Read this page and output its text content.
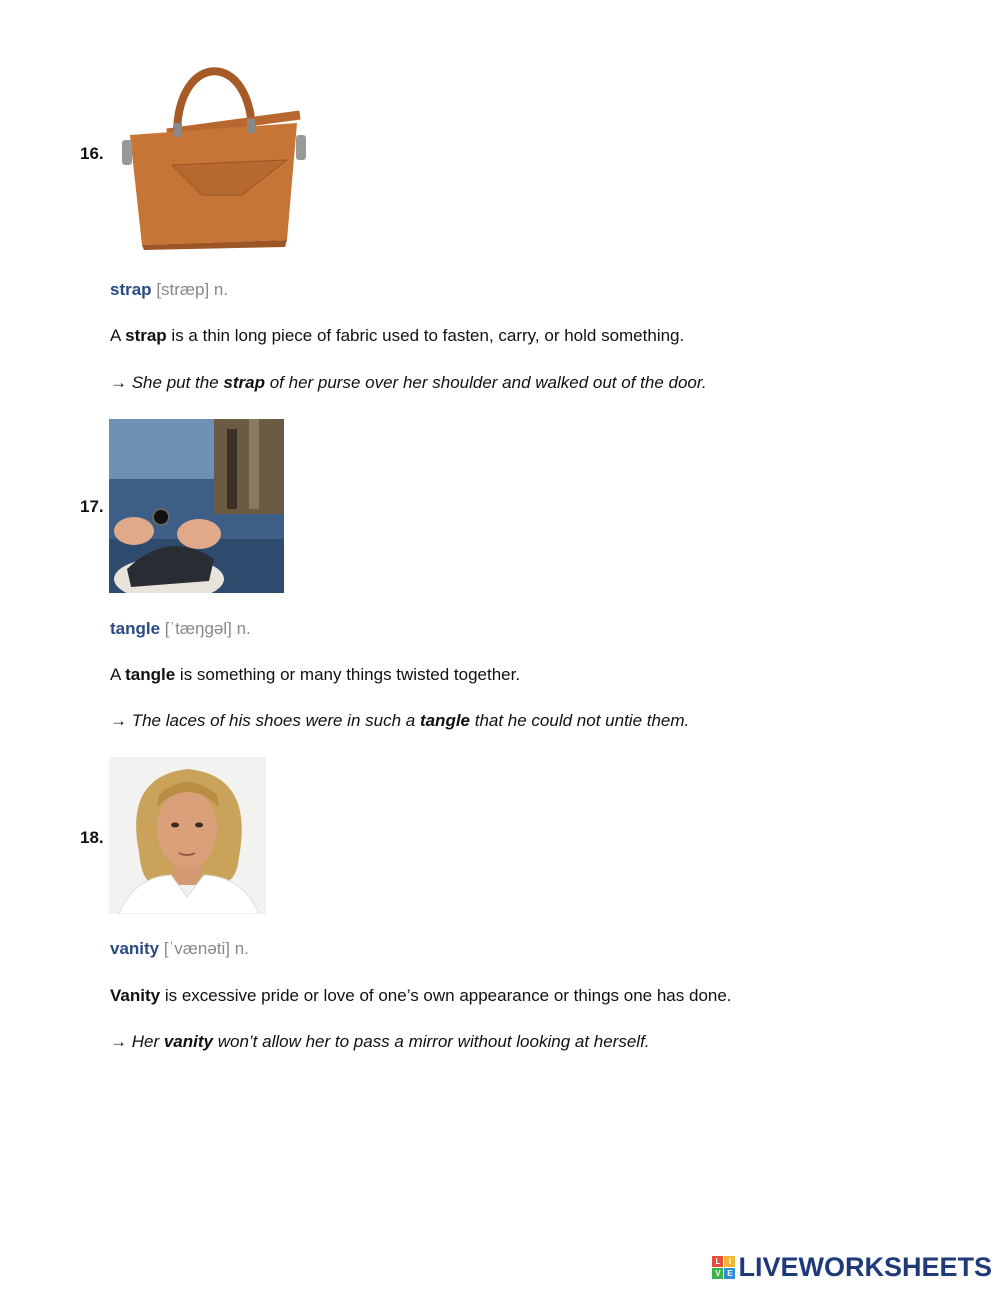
16.
strap [stræp] n.
A strap is a thin long piece of fabric used to fasten, carry, or hold something.
→ She put the strap of her purse over her shoulder and walked out of the door.
17.
tangle [ˈtæŋgəl] n.
A tangle is something or many things twisted together.
→ The laces of his shoes were in such a tangle that he could not untie them.
18.
vanity [ˈvænəti] n.
Vanity is excessive pride or love of one’s own appearance or things one has done.
→ Her vanity won’t allow her to pass a mirror without looking at herself.
L	I
V E LIVEWORKSHEETS
